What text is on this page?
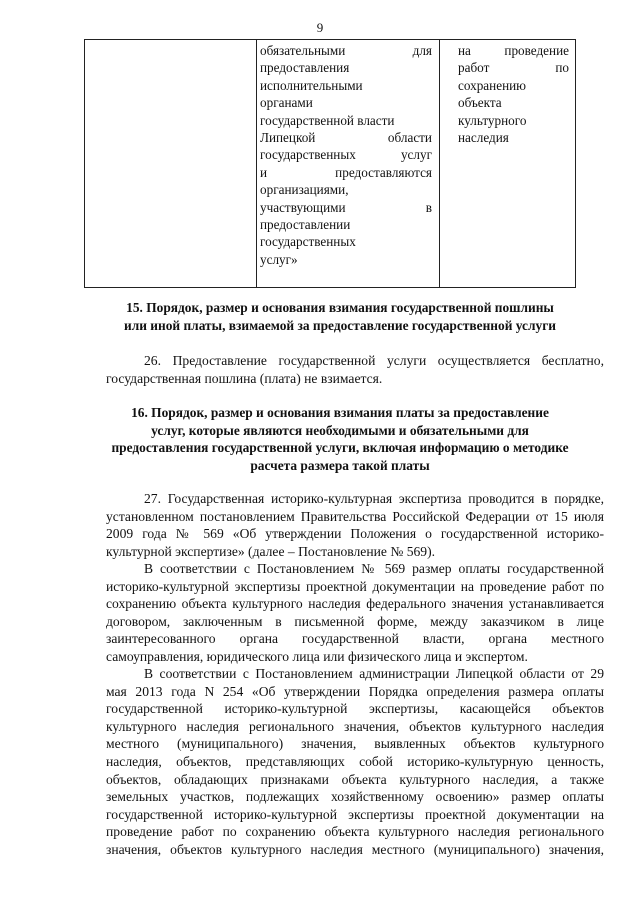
9
обязательными для
предоставления
исполнительными
органами
государственной власти
Липецкой области
государственных услуг
и предоставляются
организациями,
участвующими в
предоставлении
государственных
услуг»
на проведение
работ по
сохранению
объекта
культурного
наследия
15. Порядок, размер и основания взимания государственной пошлины
или иной платы, взимаемой за предоставление государственной услуги
26. Предоставление государственной услуги осуществляется бесплатно,
государственная пошлина (плата) не взимается.
16. Порядок, размер и основания взимания платы за предоставление
услуг, которые являются необходимыми и обязательными для
предоставления государственной услуги, включая информацию о методике
расчета размера такой платы
27. Государственная историко-культурная экспертиза проводится в порядке,
установленном постановлением Правительства Российской Федерации от 15 июля
2009 года № 569 «Об утверждении Положения о государственной историко-
культурной экспертизе» (далее – Постановление № 569).
В соответствии с Постановлением № 569 размер оплаты государственной
историко-культурной экспертизы проектной документации на проведение работ по
сохранению объекта культурного наследия федерального значения устанавливается
договором, заключенным в письменной форме, между заказчиком в лице
заинтересованного органа государственной власти, органа местного
самоуправления, юридического лица или физического лица и экспертом.
В соответствии с Постановлением администрации Липецкой области от 29
мая 2013 года N 254 «Об утверждении Порядка определения размера оплаты
государственной историко-культурной экспертизы, касающейся объектов
культурного наследия регионального значения, объектов культурного наследия
местного (муниципального) значения, выявленных объектов культурного
наследия, объектов, представляющих собой историко-культурную ценность,
объектов, обладающих признаками объекта культурного наследия, а также
земельных участков, подлежащих хозяйственному освоению» размер оплаты
государственной историко-культурной экспертизы проектной документации на
проведение работ по сохранению объекта культурного наследия регионального
значения, объектов культурного наследия местного (муниципального) значения,
